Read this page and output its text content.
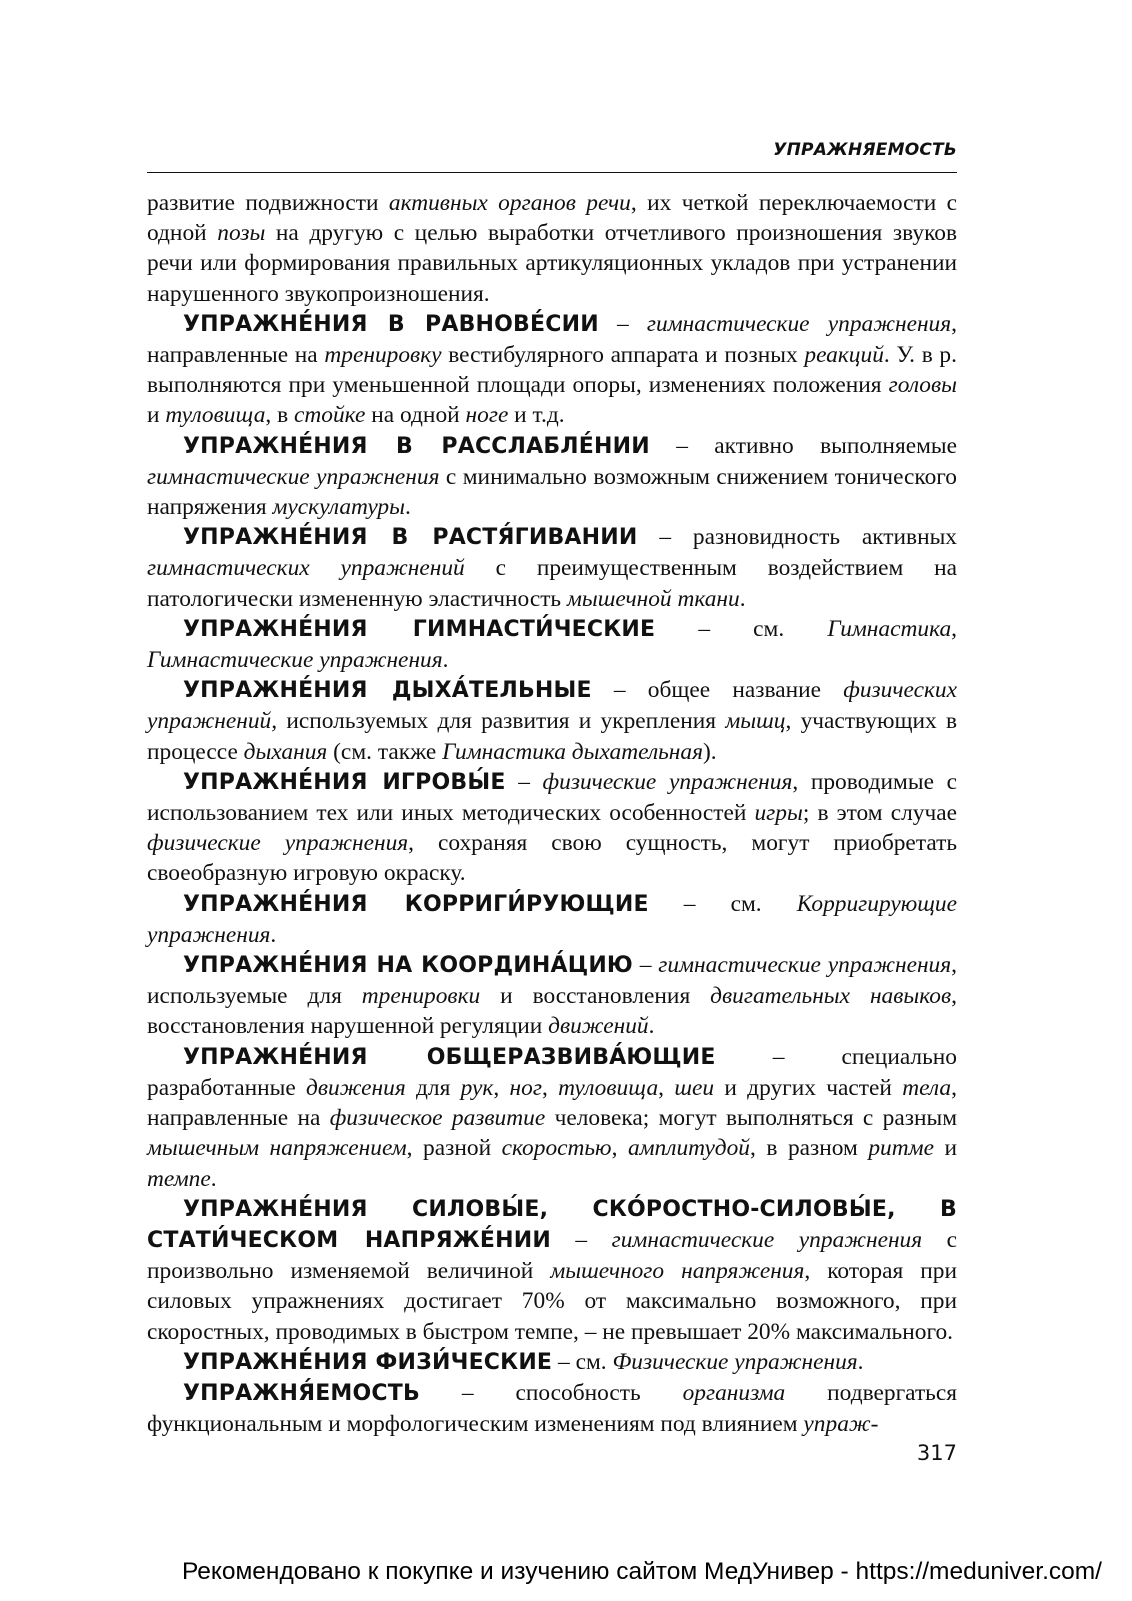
УПРАЖНЯЕМОСТЬ

развитие подвижности активных органов речи, их четкой переключаемости с одной позы на другую с целью выработки отчетливого произношения звуков речи или формирования правильных артикуляционных укладов при устранении нарушенного звукопроизношения.

УПРАЖНЕ́НИЯ В РАВНОВЕ́СИИ – гимнастические упражнения, направленные на тренировку вестибулярного аппарата и позных реакций. У. в р. выполняются при уменьшенной площади опоры, изменениях положения головы и туловища, в стойке на одной ноге и т.д.

УПРАЖНЕ́НИЯ В РАССЛАБЛЕ́НИИ – активно выполняемые гимнастические упражнения с минимально возможным снижением тонического напряжения мускулатуры.

УПРАЖНЕ́НИЯ В РАСТЯ́ГИВАНИИ – разновидность активных гимнастических упражнений с преимущественным воздействием на патологически измененную эластичность мышечной ткани.

УПРАЖНЕ́НИЯ ГИМНАСТИ́ЧЕСКИЕ – см. Гимнастика, Гимнастические упражнения.

УПРАЖНЕ́НИЯ ДЫХА́ТЕЛЬНЫЕ – общее название физических упражнений, используемых для развития и укрепления мышц, участвующих в процессе дыхания (см. также Гимнастика дыхательная).

УПРАЖНЕ́НИЯ ИГРОВЫ́Е – физические упражнения, проводимые с использованием тех или иных методических особенностей игры; в этом случае физические упражнения, сохраняя свою сущность, могут приобретать своеобразную игровую окраску.

УПРАЖНЕ́НИЯ КОРРИГИ́РУЮЩИЕ – см. Корригирующие упражнения.

УПРАЖНЕ́НИЯ НА КООРДИНА́ЦИЮ – гимнастические упражнения, используемые для тренировки и восстановления двигательных навыков, восстановления нарушенной регуляции движений.

УПРАЖНЕ́НИЯ ОБЩЕРАЗВИВА́ЮЩИЕ – специально разработанные движения для рук, ног, туловища, шеи и других частей тела, направленные на физическое развитие человека; могут выполняться с разным мышечным напряжением, разной скоростью, амплитудой, в разном ритме и темпе.

УПРАЖНЕ́НИЯ СИЛОВЫ́Е, СКО́РОСТНО-СИЛОВЫ́Е, В СТАТИ́ЧЕСКОМ НАПРЯЖЕ́НИИ – гимнастические упражнения с произвольно изменяемой величиной мышечного напряжения, которая при силовых упражнениях достигает 70% от максимально возможного, при скоростных, проводимых в быстром темпе, – не превышает 20% максимального.

УПРАЖНЕ́НИЯ ФИЗИ́ЧЕСКИЕ – см. Физические упражнения.

УПРАЖНЯ́ЕМОСТЬ – способность организма подвергаться функциональным и морфологическим изменениям под влиянием упраж-

317
Рекомендовано к покупке и изучению сайтом МедУнивер - https://meduniver.com/
